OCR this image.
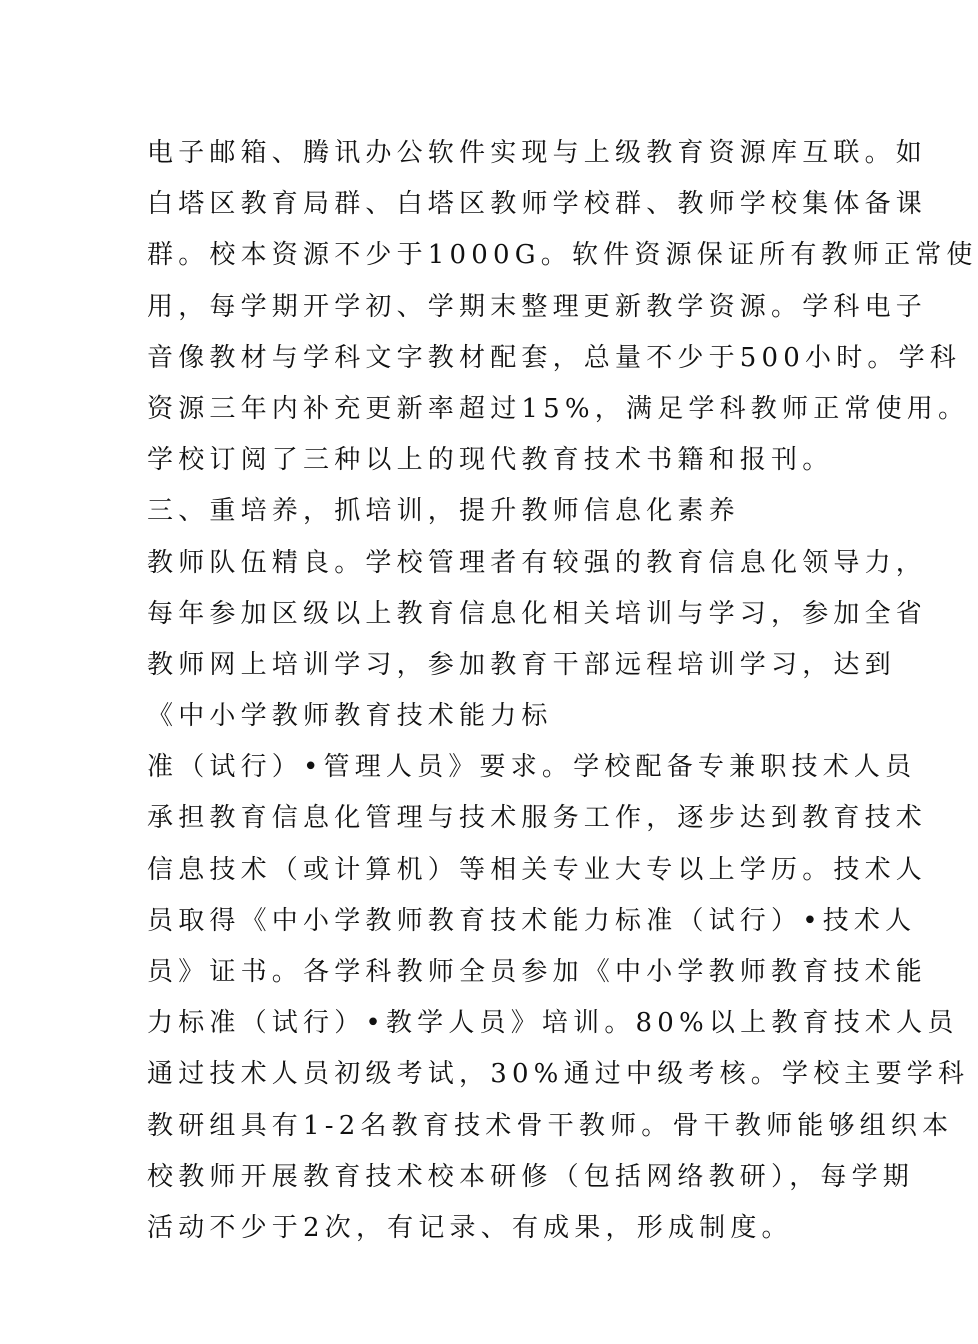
电子邮箱、腾讯办公软件实现与上级教育资源库互联。如
白塔区教育局群、白塔区教师学校群、教师学校集体备课
群。校本资源不少于1000G。软件资源保证所有教师正常使
用，每学期开学初、学期末整理更新教学资源。学科电子
音像教材与学科文字教材配套，总量不少于500小时。学科
资源三年内补充更新率超过15%，满足学科教师正常使用。
学校订阅了三种以上的现代教育技术书籍和报刊。
三、重培养，抓培训，提升教师信息化素养
教师队伍精良。学校管理者有较强的教育信息化领导力，
每年参加区级以上教育信息化相关培训与学习，参加全省
教师网上培训学习，参加教育干部远程培训学习，达到
《中小学教师教育技术能力标
准（试行）•管理人员》要求。学校配备专兼职技术人员
承担教育信息化管理与技术服务工作，逐步达到教育技术
信息技术（或计算机）等相关专业大专以上学历。技术人
员取得《中小学教师教育技术能力标准（试行）•技术人
员》证书。各学科教师全员参加《中小学教师教育技术能
力标准（试行）•教学人员》培训。80%以上教育技术人员
通过技术人员初级考试，30%通过中级考核。学校主要学科
教研组具有1-2名教育技术骨干教师。骨干教师能够组织本
校教师开展教育技术校本研修（包括网络教研），每学期
活动不少于2次，有记录、有成果，形成制度。
